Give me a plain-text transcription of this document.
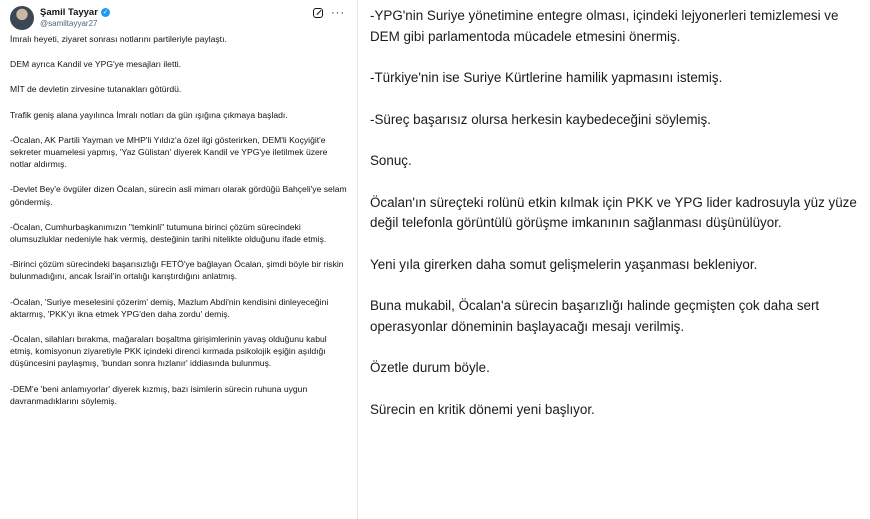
Şamil Tayyar ✓
@samiltayyar27
···

İmralı heyeti, ziyaret sonrası notlarını partileriyle paylaştı.

DEM ayrıca Kandil ve YPG'ye mesajları iletti.

MİT de devletin zirvesine tutanakları götürdü.

Trafik geniş alana yayılınca İmralı notları da gün ışığına çıkmaya başladı.

-Öcalan, AK Partili Yayman ve MHP'li Yıldız'a özel ilgi gösterirken, DEM'li Koçyiğit'e sekreter muamelesi yapmış, 'Yaz Gülistan' diyerek Kandil ve YPG'ye iletilmek üzere notlar aldırmış.

-Devlet Bey'e övgüler dizen Öcalan, sürecin asli mimarı olarak gördüğü Bahçeli'ye selam göndermiş.

-Öcalan, Cumhurbaşkanımızın "temkinli" tutumuna birinci çözüm sürecindeki olumsuzluklar nedeniyle hak vermiş, desteğinin tarihi nitelikte olduğunu ifade etmiş.

-Birinci çözüm sürecindeki başarısızlığı FETÖ'ye bağlayan Öcalan, şimdi böyle bir riskin bulunmadığını, ancak İsrail'in ortalığı karıştırdığını anlatmış.

-Öcalan, 'Suriye meselesini çözerim' demiş, Mazlum Abdi'nin kendisini dinleyeceğini aktarmış, 'PKK'yı ikna etmek YPG'den daha zordu' demiş.

-Öcalan, silahları bırakma, mağaraları boşaltma girişimlerinin yavaş olduğunu kabul etmiş, komisyonun ziyaretiyle PKK içindeki direnci kırmada psikolojik eşiğin aşıldığı düşüncesini paylaşmış, 'bundan sonra hızlanır' iddiasında bulunmuş.

-DEM'e 'beni anlamıyorlar' diyerek kızmış, bazı isimlerin sürecin ruhuna uygun davranmadıklarını söylemiş.

-YPG'nin Suriye yönetimine entegre olması, içindeki lejyonerleri temizlemesi ve DEM gibi parlamentoda mücadele etmesini önermiş.

-Türkiye'nin ise Suriye Kürtlerine hamilik yapmasını istemiş.

-Süreç başarısız olursa herkesin kaybedeceğini söylemiş.

Sonuç.

Öcalan'ın süreçteki rolünü etkin kılmak için PKK ve YPG lider kadrosuyla yüz yüze değil telefonla görüntülü görüşme imkanının sağlanması düşünülüyor.

Yeni yıla girerken daha somut gelişmelerin yaşanması bekleniyor.

Buna mukabil, Öcalan'a sürecin başarızlığı halinde geçmişten çok daha sert operasyonlar döneminin başlayacağı mesajı verilmiş.

Özetle durum böyle.

Sürecin en kritik dönemi yeni başlıyor.
